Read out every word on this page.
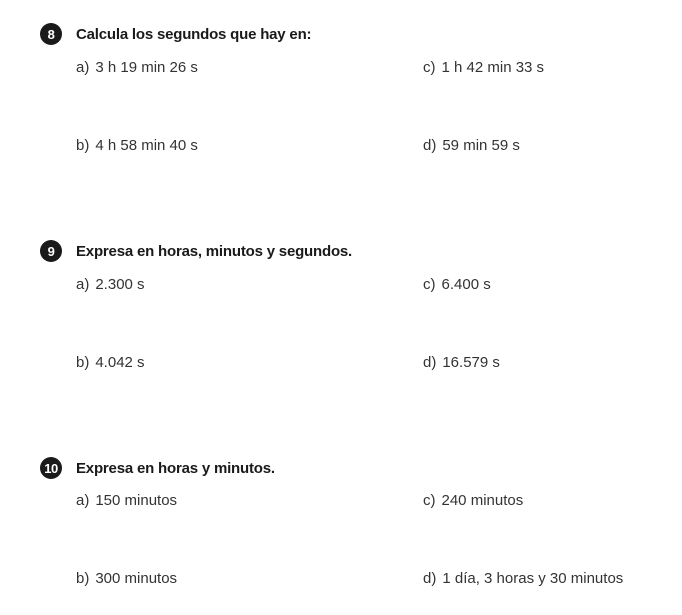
8	Calcula los segundos que hay en:
a) 3 h 19 min 26 s	c) 1 h 42 min 33 s
b) 4 h 58 min 40 s	d) 59 min 59 s
9	Expresa en horas, minutos y segundos.
a) 2.300 s	c) 6.400 s
b) 4.042 s	d) 16.579 s
10 Expresa en horas y minutos.
a) 150 minutos	c) 240 minutos
b) 300 minutos	d) 1 día, 3 horas y 30 minutos
